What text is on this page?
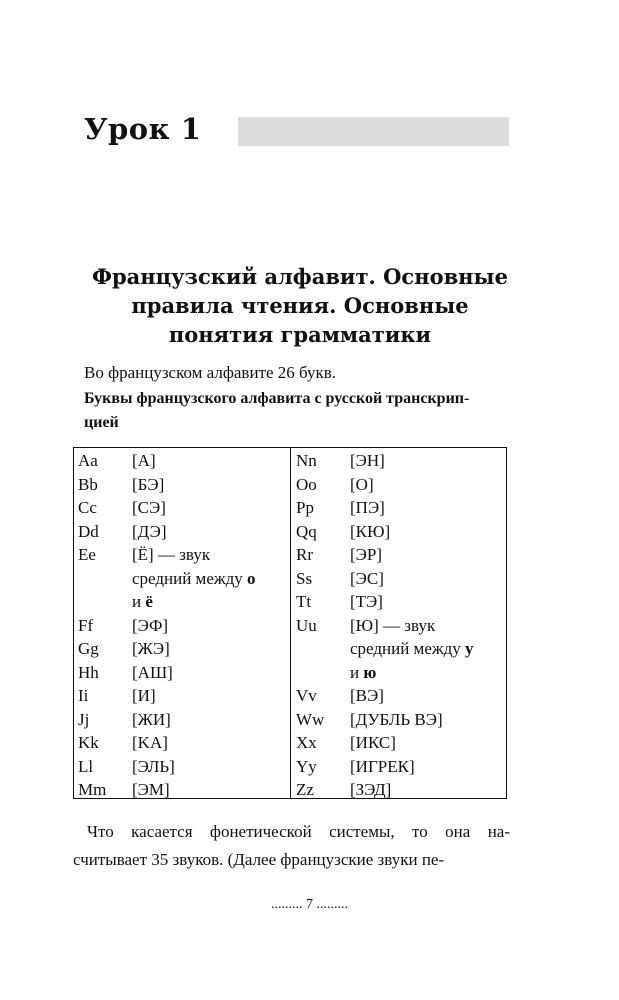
Урок 1
Французский алфавит. Основные
правила чтения. Основные
понятия грамматики
Во французском алфавите 26 букв.
Буквы французского алфавита с русской транскрип-
цией
Aa [A]
Bb [БЭ]
Cc [СЭ]
Dd [ДЭ]
Ee [Ё] — звук
средний между о
и ё
Ff [ЭФ]
Gg [ЖЭ]
Hh [АШ]
Ii	[И]
Jj	[ЖИ]
Kk [KA]
Ll [ЭЛЬ]
Mm [ЭМ]
Nn [ЭН]
Oo [O]
Pp [ПЭ]
Qq [КЮ]
Rr [ЭР]
Ss [ЭС]
Tt [ТЭ]
Uu [Ю] — звук
средний между у
и ю
Vv [ВЭ]
Ww [ДУБЛЬ ВЭ]
Xx [ИКС]
Yy [ИГРЕК]
Zz [ЗЭД]
Что касается фонетической системы, то она на-
считывает 35 звуков. (Далее французские звуки пе-
......... 7 .........
